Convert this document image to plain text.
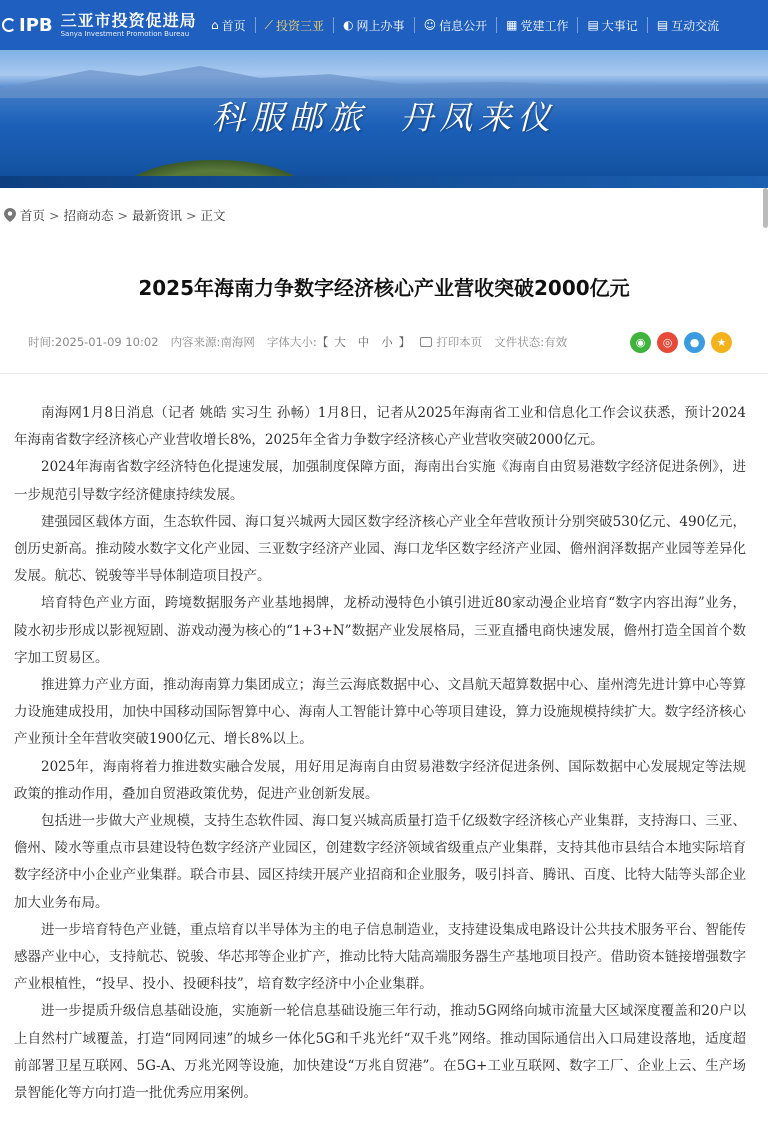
IPB 三亚市投资促进局
Sanya Investment Promotion Bureau
⌂ 首页 ⟋ 投资三亚 ◐ 网上办事 ☺ 信息公开 ▦ 党建工作 ▤ 大事记 ▤ 互动交流
科服邮旅 丹凤来仪
首页 > 招商动态 > 最新资讯 > 正文
2025年海南力争数字经济核心产业营收突破2000亿元
时间: 2025-01-09 10:02 内容来源: 南海网 字体大小: 【 大 中 小 】 打印本页 文件状态: 有效	◉	◎	●	★

南海网1月8日消息（记者 姚皓 实习生 孙畅）1月8日，记者从2025年海南省工业和信息化工作会议获悉，预计2024年海南省数字经济核心产业营收增长8%，2025年全省力争数字经济核心产业营收突破2000亿元。

2024年海南省数字经济特色化提速发展，加强制度保障方面，海南出台实施《海南自由贸易港数字经济促进条例》，进一步规范引导数字经济健康持续发展。

建强园区载体方面，生态软件园、海口复兴城两大园区数字经济核心产业全年营收预计分别突破530亿元、490亿元，创历史新高。推动陵水数字文化产业园、三亚数字经济产业园、海口龙华区数字经济产业园、儋州润泽数据产业园等差异化发展。航芯、锐骏等半导体制造项目投产。

培育特色产业方面，跨境数据服务产业基地揭牌，龙桥动漫特色小镇引进近80家动漫企业培育“数字内容出海”业务，陵水初步形成以影视短剧、游戏动漫为核心的“1+3+N”数据产业发展格局，三亚直播电商快速发展，儋州打造全国首个数字加工贸易区。

推进算力产业方面，推动海南算力集团成立；海兰云海底数据中心、文昌航天超算数据中心、崖州湾先进计算中心等算力设施建成投用，加快中国移动国际智算中心、海南人工智能计算中心等项目建设，算力设施规模持续扩大。数字经济核心产业预计全年营收突破1900亿元、增长8%以上。

2025年，海南将着力推进数实融合发展，用好用足海南自由贸易港数字经济促进条例、国际数据中心发展规定等法规政策的推动作用，叠加自贸港政策优势，促进产业创新发展。

包括进一步做大产业规模，支持生态软件园、海口复兴城高质量打造千亿级数字经济核心产业集群，支持海口、三亚、儋州、陵水等重点市县建设特色数字经济产业园区，创建数字经济领域省级重点产业集群，支持其他市县结合本地实际培育数字经济中小企业产业集群。联合市县、园区持续开展产业招商和企业服务，吸引抖音、腾讯、百度、比特大陆等头部企业加大业务布局。

进一步培育特色产业链，重点培育以半导体为主的电子信息制造业，支持建设集成电路设计公共技术服务平台、智能传感器产业中心，支持航芯、锐骏、华芯邦等企业扩产，推动比特大陆高端服务器生产基地项目投产。借助资本链接增强数字产业根植性，“投早、投小、投硬科技”，培育数字经济中小企业集群。

进一步提质升级信息基础设施，实施新一轮信息基础设施三年行动，推动5G网络向城市流量大区域深度覆盖和20户以上自然村广域覆盖，打造“同网同速”的城乡一体化5G和千兆光纤“双千兆”网络。推动国际通信出入口局建设落地，适度超前部署卫星互联网、5G-A、万兆光网等设施，加快建设“万兆自贸港”。在5G+工业互联网、数字工厂、企业上云、生产场景智能化等方向打造一批优秀应用案例。
